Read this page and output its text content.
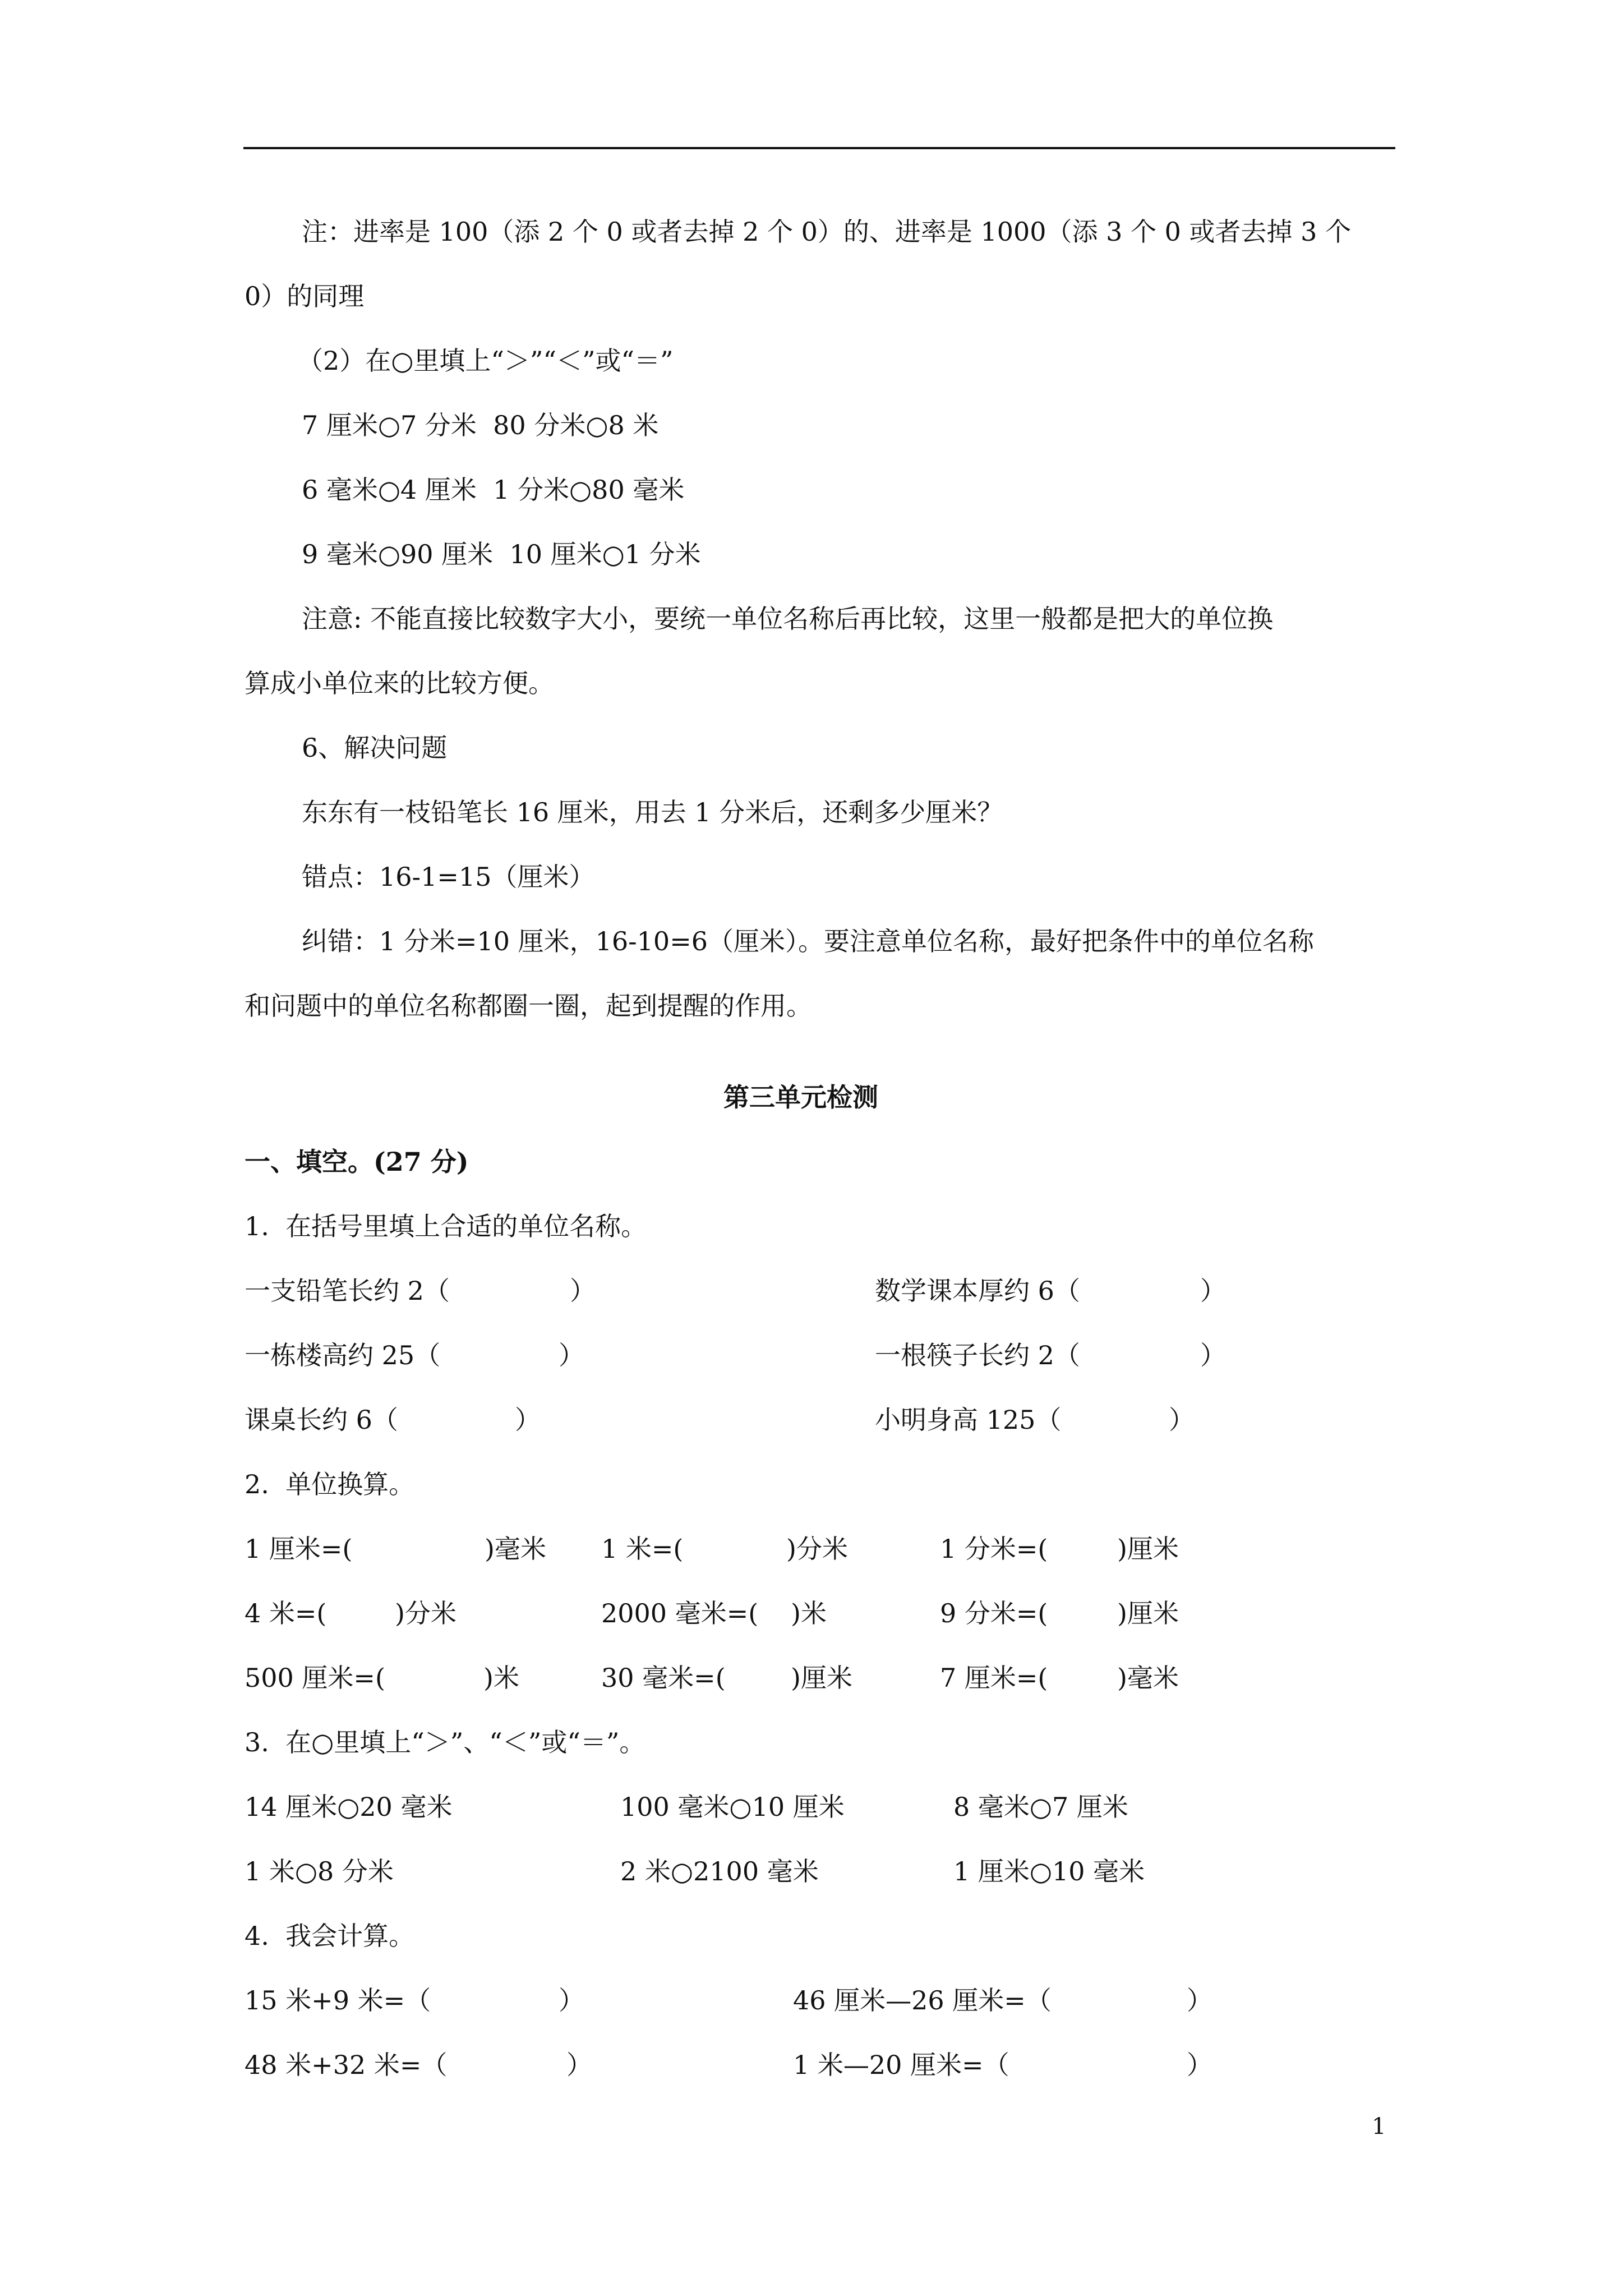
注：进率是 100（添 2 个 0 或者去掉 2 个 0）的、进率是 1000（添 3 个 0 或者去掉 3 个
0）的同理
（2）在○里填上“＞”“＜”或“＝”
7 厘米○7 分米  80 分米○8 米
6 毫米○4 厘米  1 分米○80 毫米
9 毫米○90 厘米  10 厘米○1 分米
注意: 不能直接比较数字大小，要统一单位名称后再比较，这里一般都是把大的单位换
算成小单位来的比较方便。
6、解决问题
东东有一枝铅笔长 16 厘米，用去 1 分米后，还剩多少厘米？
错点：16-1=15（厘米）
纠错：1 分米=10 厘米，16-10=6（厘米）。要注意单位名称，最好把条件中的单位名称
和问题中的单位名称都圈一圈，起到提醒的作用。
第三单元检测
一、填空。(27 分)
1.  在括号里填上合适的单位名称。
一支铅笔长约 2（	）	数学课本厚约 6（	）
一栋楼高约 25（	）	一根筷子长约 2（	）
课桌长约 6（	）	小明身高 125（	）
2.  单位换算。
1 厘米=(	)毫米 1 米=(	)分米	1 分米=(	)厘米
4 米=(	)分米	2000 毫米=( )米	9 分米=(	)厘米
500 厘米=(	)米	30 毫米=(	)厘米	7 厘米=(	)毫米
3.  在○里填上“＞”、“＜”或“＝”。
14 厘米○20 毫米	100 毫米○10 厘米	8 毫米○7 厘米
1 米○8 分米	2 米○2100 毫米	1 厘米○10 毫米
4.  我会计算。
15 米+9 米=（	）	46 厘米—26 厘米=（	）
48 米+32 米=（	）	1 米—20 厘米=（	）
1
